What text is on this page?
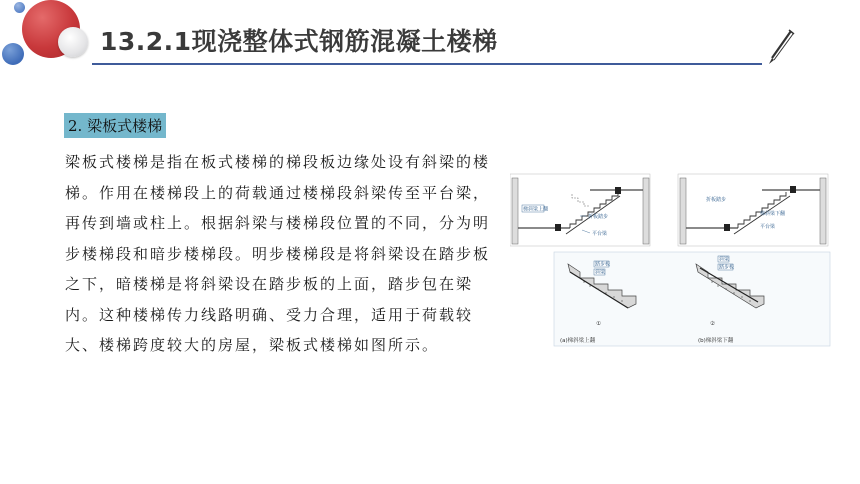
13.2.1现浇整体式钢筋混凝土楼梯
2. 梁板式楼梯
梁板式楼梯是指在板式楼梯的梯段板边缘处设有斜梁的楼梯。作用在楼梯段上的荷载通过楼梯段斜梁传至平台梁，再传到墙或柱上。根据斜梁与楼梯段位置的不同，分为明步楼梯段和暗步楼梯段。明步楼梯段是将斜梁设在踏步板之下，暗楼梯是将斜梁设在踏步板的上面，踏步包在梁内。这种楼梯传力线路明确、受力合理，适用于荷载较大、楼梯跨度较大的房屋，梁板式楼梯如图所示。
梯斜梁上翻
折板踏步
平台梁
折板踏步
梯斜梁下翻
平台梁
踏步板
斜梁
①
(a)梯斜梁上翻
斜梁
踏步板
②
(b)梯斜梁下翻
